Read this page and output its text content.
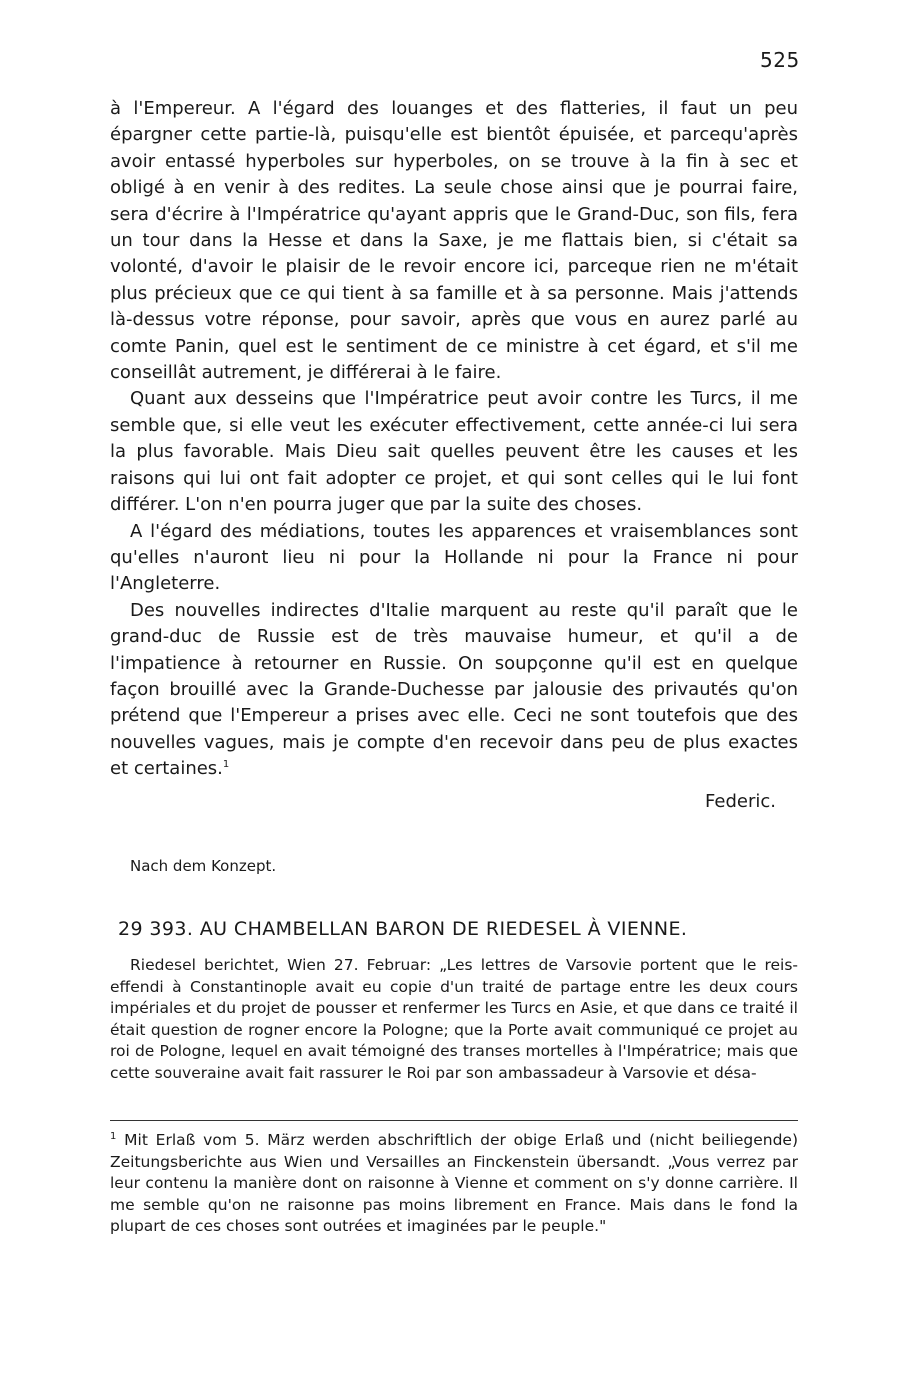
525

à l'Empereur. A l'égard des louanges et des flatteries, il faut un peu épargner cette partie-là, puisqu'elle est bientôt épuisée, et parcequ'après avoir entassé hyperboles sur hyperboles, on se trouve à la fin à sec et obligé à en venir à des redites. La seule chose ainsi que je pourrai faire, sera d'écrire à l'Impératrice qu'ayant appris que le Grand-Duc, son fils, fera un tour dans la Hesse et dans la Saxe, je me flattais bien, si c'était sa volonté, d'avoir le plaisir de le revoir encore ici, parceque rien ne m'était plus précieux que ce qui tient à sa famille et à sa personne. Mais j'attends là-dessus votre réponse, pour savoir, après que vous en aurez parlé au comte Panin, quel est le sentiment de ce ministre à cet égard, et s'il me conseillât autrement, je différerai à le faire.

Quant aux desseins que l'Impératrice peut avoir contre les Turcs, il me semble que, si elle veut les exécuter effectivement, cette année-ci lui sera la plus favorable. Mais Dieu sait quelles peuvent être les causes et les raisons qui lui ont fait adopter ce projet, et qui sont celles qui le lui font différer. L'on n'en pourra juger que par la suite des choses.

A l'égard des médiations, toutes les apparences et vraisemblances sont qu'elles n'auront lieu ni pour la Hollande ni pour la France ni pour l'Angleterre.

Des nouvelles indirectes d'Italie marquent au reste qu'il paraît que le grand-duc de Russie est de très mauvaise humeur, et qu'il a de l'impatience à retourner en Russie. On soupçonne qu'il est en quelque façon brouillé avec la Grande-Duchesse par jalousie des privautés qu'on prétend que l'Empereur a prises avec elle. Ceci ne sont toutefois que des nouvelles vagues, mais je compte d'en recevoir dans peu de plus exactes et certaines.$^1$

Federic.
Nach dem Konzept.
29 393. AU CHAMBELLAN BARON DE RIEDESEL À VIENNE.

Riedesel berichtet, Wien 27. Februar: „Les lettres de Varsovie portent que le reis-effendi à Constantinople avait eu copie d'un traité de partage entre les deux cours impériales et du projet de pousser et renfermer les Turcs en Asie, et que dans ce traité il était question de rogner encore la Pologne; que la Porte avait communiqué ce projet au roi de Pologne, lequel en avait témoigné des transes mortelles à l'Impératrice; mais que cette souveraine avait fait rassurer le Roi par son ambassadeur à Varsovie et désa-

$^1$ Mit Erlaß vom 5. März werden abschriftlich der obige Erlaß und (nicht beiliegende) Zeitungsberichte aus Wien und Versailles an Finckenstein übersandt. „Vous verrez par leur contenu la manière dont on raisonne à Vienne et comment on s'y donne carrière. Il me semble qu'on ne raisonne pas moins librement en France. Mais dans le fond la plupart de ces choses sont outrées et imaginées par le peuple."
